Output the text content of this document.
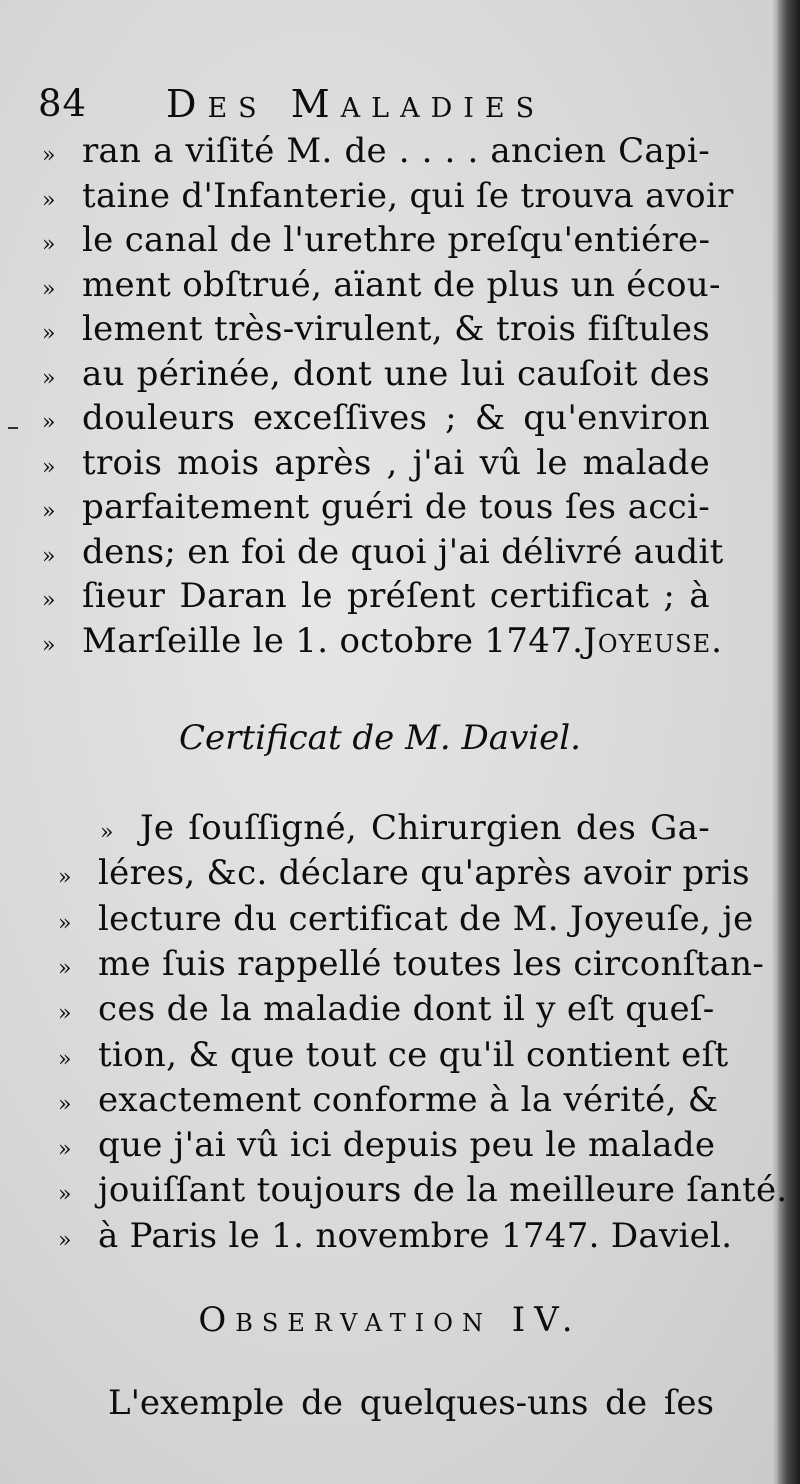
84 Des Maladies
» ran a viſité M. de . . . . ancien Capi-
» taine d'Infanterie, qui ſe trouva avoir
» le canal de l'urethre preſqu'entiére-
» ment obſtrué, aïant de plus un écou-
» lement très-virulent, & trois fiſtules
» au périnée, dont une lui cauſoit des
» douleurs exceſſives ; & qu'environ
» trois mois après , j'ai vû le malade
» parfaitement guéri de tous ſes acci-
» dens; en foi de quoi j'ai délivré audit
» ſieur Daran le préſent certificat ; à
» Marſeille le 1. octobre 1747.Joyeuse.
Certificat de M. Daviel.
» Je ſouſſigné, Chirurgien des Ga-
» léres, &c. déclare qu'après avoir pris
» lecture du certificat de M. Joyeuſe, je
» me ſuis rappellé toutes les circonſtan-
» ces de la maladie dont il y eſt queſ-
» tion, & que tout ce qu'il contient eſt
» exactement conforme à la vérité, &
» que j'ai vû ici depuis peu le malade
» jouiſſant toujours de la meilleure ſanté.
» à Paris le 1. novembre 1747. Daviel.
Observation IV.
L'exemple de quelques-uns de ſes
